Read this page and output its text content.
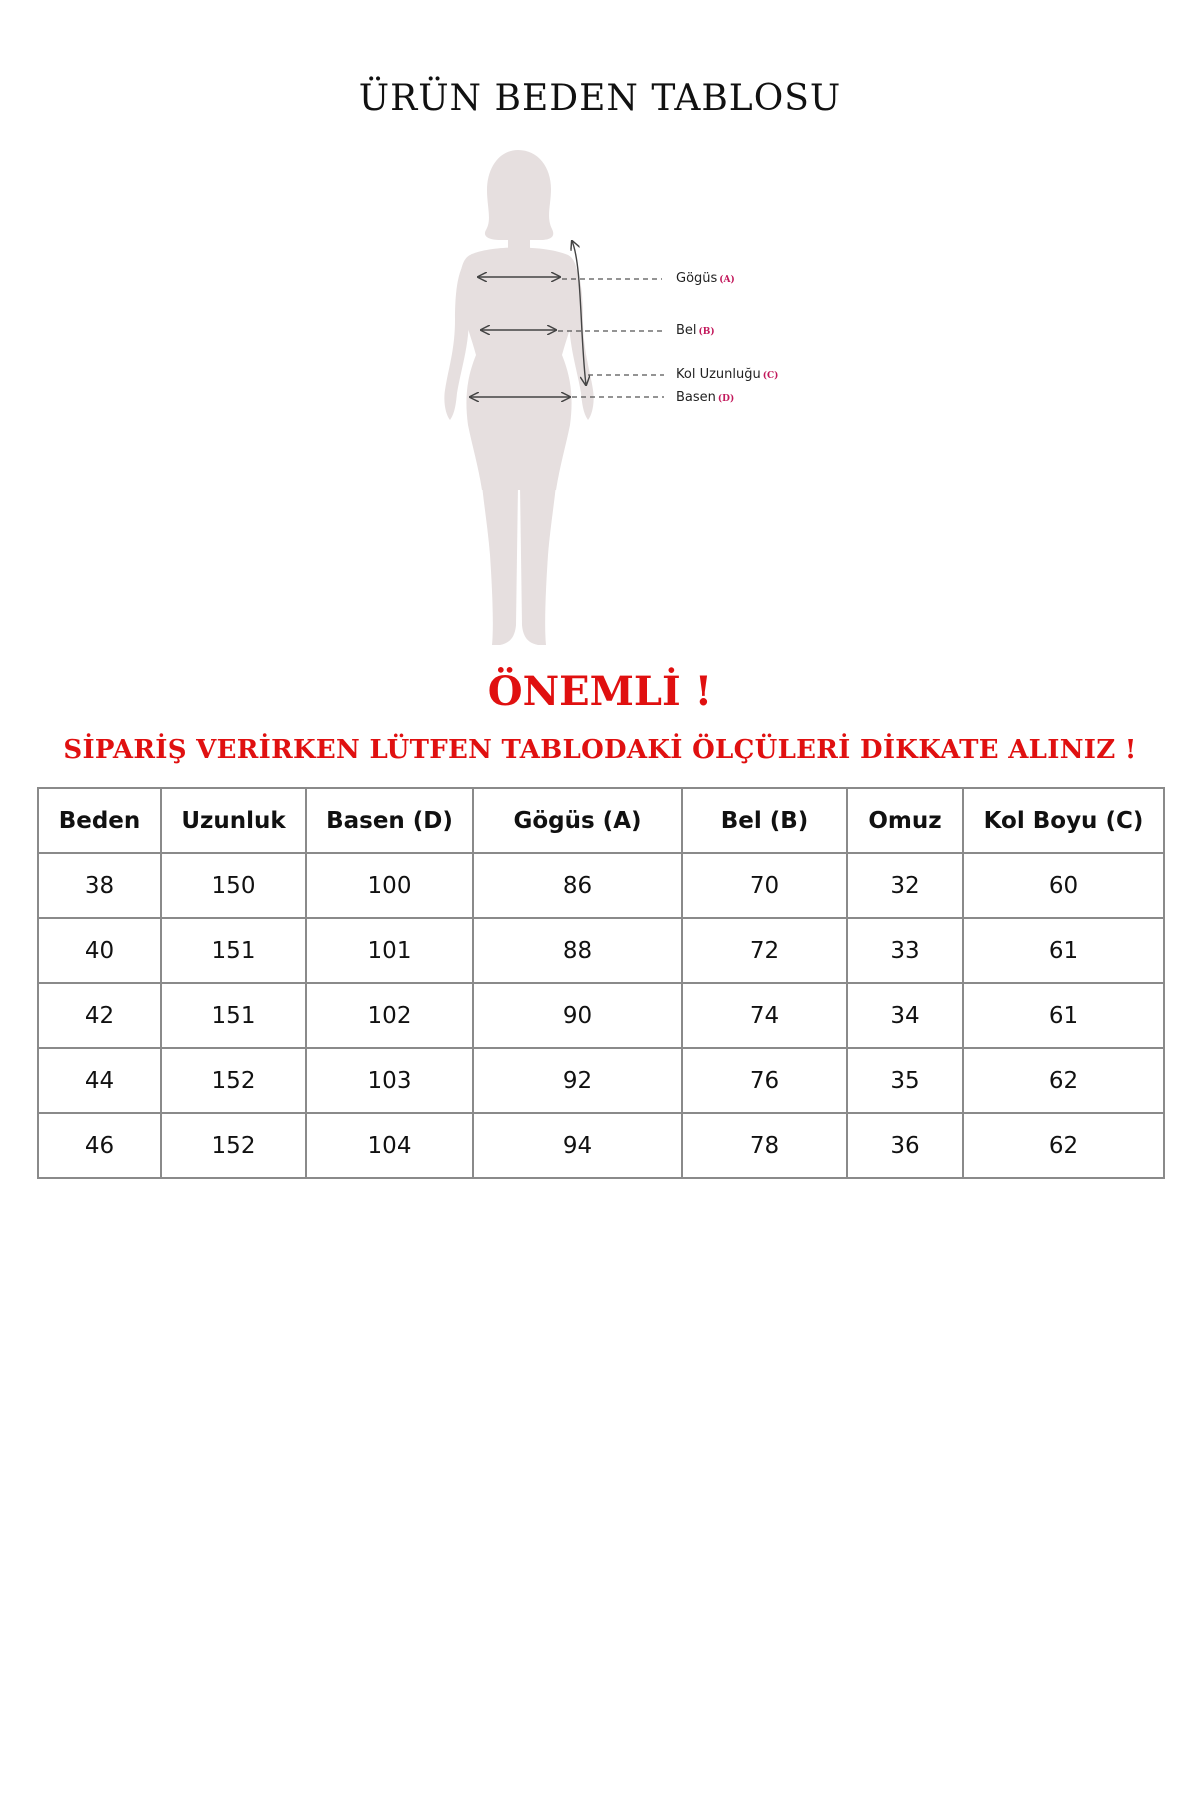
ÜRÜN BEDEN TABLOSU
Gögüs (A)
Bel (B)
Kol Uzunluğu (C)
Basen (D)
ÖNEMLİ !
SİPARİŞ VERİRKEN LÜTFEN TABLODAKİ ÖLÇÜLERİ DİKKATE ALINIZ !
Beden	Uzunluk	Basen (D)	Gögüs (A)	Bel (B)	Omuz	Kol Boyu (C)
38	150	100	86	70	32	60
40	151	101	88	72	33	61
42	151	102	90	74	34	61
44	152	103	92	76	35	62
46	152	104	94	78	36	62
